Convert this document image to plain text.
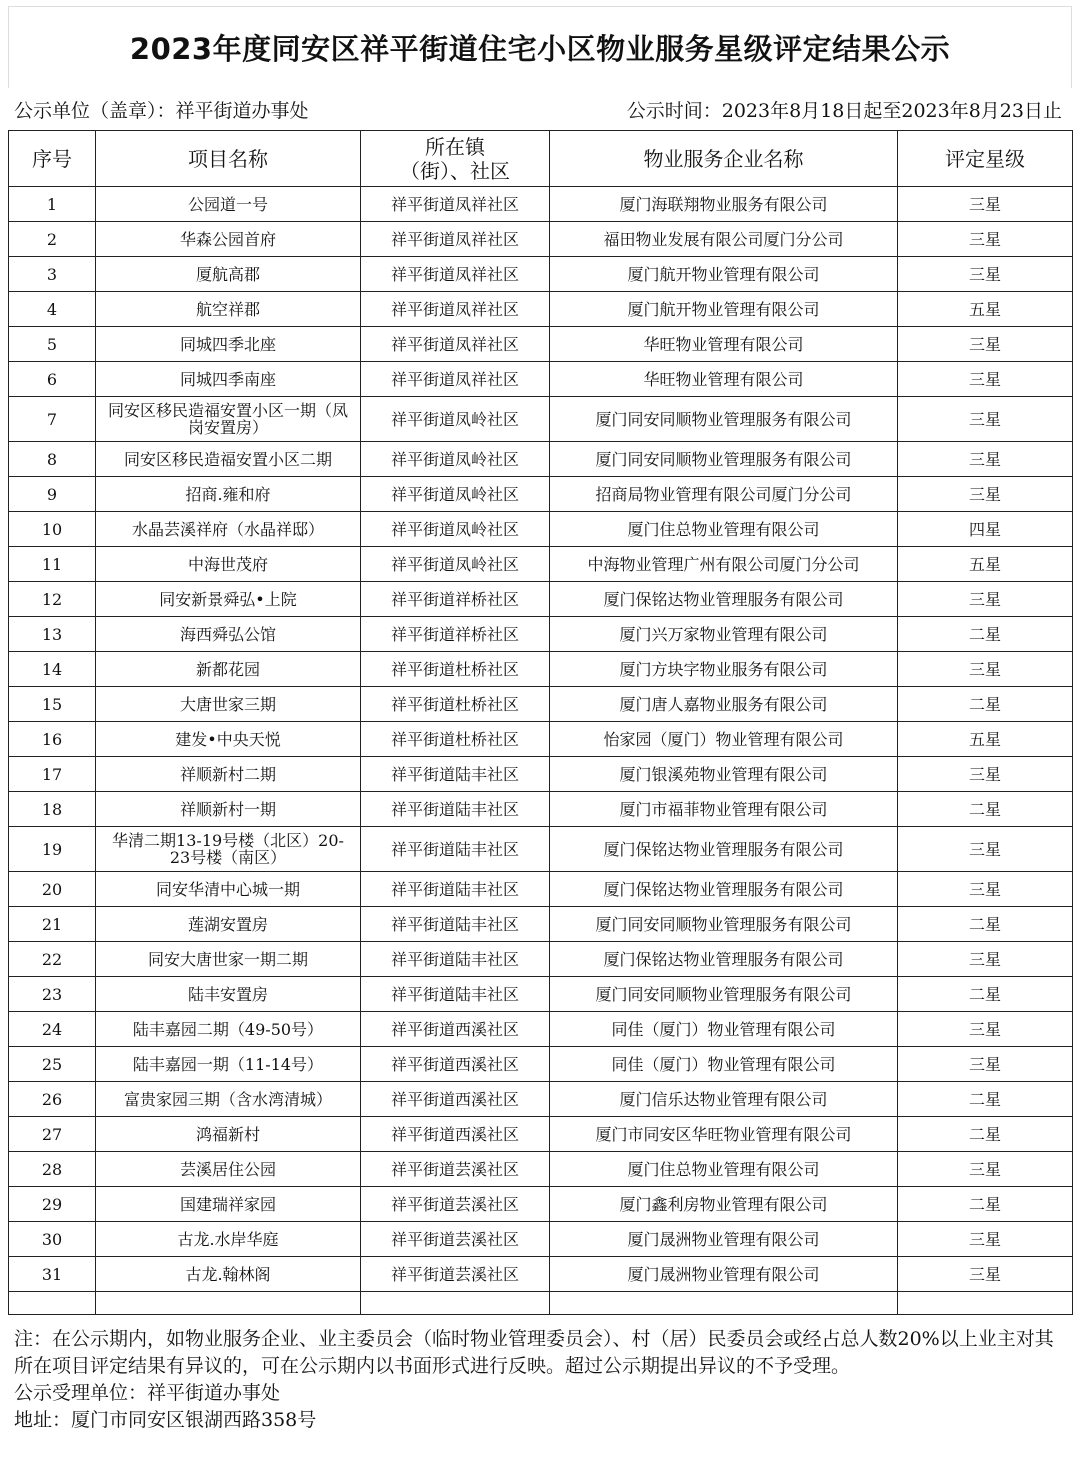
2023年度同安区祥平街道住宅小区物业服务星级评定结果公示
公示单位（盖章）：祥平街道办事处	公示时间：2023年8月18日起至2023年8月23日止
序号	项目名称	所在镇（街）、社区	物业服务企业名称	评定星级
1	公园道一号	祥平街道凤祥社区	厦门海联翔物业服务有限公司	三星
2	华森公园首府	祥平街道凤祥社区	福田物业发展有限公司厦门分公司	三星
3	厦航高郡	祥平街道凤祥社区	厦门航开物业管理有限公司	三星
4	航空祥郡	祥平街道凤祥社区	厦门航开物业管理有限公司	五星
5	同城四季北座	祥平街道凤祥社区	华旺物业管理有限公司	三星
6	同城四季南座	祥平街道凤祥社区	华旺物业管理有限公司	三星
7	同安区移民造福安置小区一期（凤岗安置房）	祥平街道凤岭社区	厦门同安同顺物业管理服务有限公司	三星
8	同安区移民造福安置小区二期	祥平街道凤岭社区	厦门同安同顺物业管理服务有限公司	三星
9	招商.雍和府	祥平街道凤岭社区	招商局物业管理有限公司厦门分公司	三星
10	水晶芸溪祥府（水晶祥邸）	祥平街道凤岭社区	厦门住总物业管理有限公司	四星
11	中海世茂府	祥平街道凤岭社区	中海物业管理广州有限公司厦门分公司	五星
12	同安新景舜弘•上院	祥平街道祥桥社区	厦门保铭达物业管理服务有限公司	三星
13	海西舜弘公馆	祥平街道祥桥社区	厦门兴万家物业管理有限公司	二星
14	新都花园	祥平街道杜桥社区	厦门方块字物业服务有限公司	三星
15	大唐世家三期	祥平街道杜桥社区	厦门唐人嘉物业服务有限公司	二星
16	建发•中央天悦	祥平街道杜桥社区	怡家园（厦门）物业管理有限公司	五星
17	祥顺新村二期	祥平街道陆丰社区	厦门银溪苑物业管理有限公司	三星
18	祥顺新村一期	祥平街道陆丰社区	厦门市福菲物业管理有限公司	二星
19	华清二期13-19号楼（北区）20-23号楼（南区）	祥平街道陆丰社区	厦门保铭达物业管理服务有限公司	三星
20	同安华清中心城一期	祥平街道陆丰社区	厦门保铭达物业管理服务有限公司	三星
21	莲湖安置房	祥平街道陆丰社区	厦门同安同顺物业管理服务有限公司	二星
22	同安大唐世家一期二期	祥平街道陆丰社区	厦门保铭达物业管理服务有限公司	三星
23	陆丰安置房	祥平街道陆丰社区	厦门同安同顺物业管理服务有限公司	二星
24	陆丰嘉园二期（49-50号）	祥平街道西溪社区	同佳（厦门）物业管理有限公司	三星
25	陆丰嘉园一期（11-14号）	祥平街道西溪社区	同佳（厦门）物业管理有限公司	三星
26	富贵家园三期（含水湾清城）	祥平街道西溪社区	厦门信乐达物业管理有限公司	二星
27	鸿福新村	祥平街道西溪社区	厦门市同安区华旺物业管理有限公司	二星
28	芸溪居住公园	祥平街道芸溪社区	厦门住总物业管理有限公司	三星
29	国建瑞祥家园	祥平街道芸溪社区	厦门鑫利房物业管理有限公司	二星
30	古龙.水岸华庭	祥平街道芸溪社区	厦门晟洲物业管理有限公司	三星
31	古龙.翰林阁	祥平街道芸溪社区	厦门晟洲物业管理有限公司	三星

注：在公示期内，如物业服务企业、业主委员会（临时物业管理委员会）、村（居）民委员会或经占总人数20%以上业主对其所在项目评定结果有异议的，可在公示期内以书面形式进行反映。超过公示期提出异议的不予受理。

公示受理单位：祥平街道办事处

地址：厦门市同安区银湖西路358号
